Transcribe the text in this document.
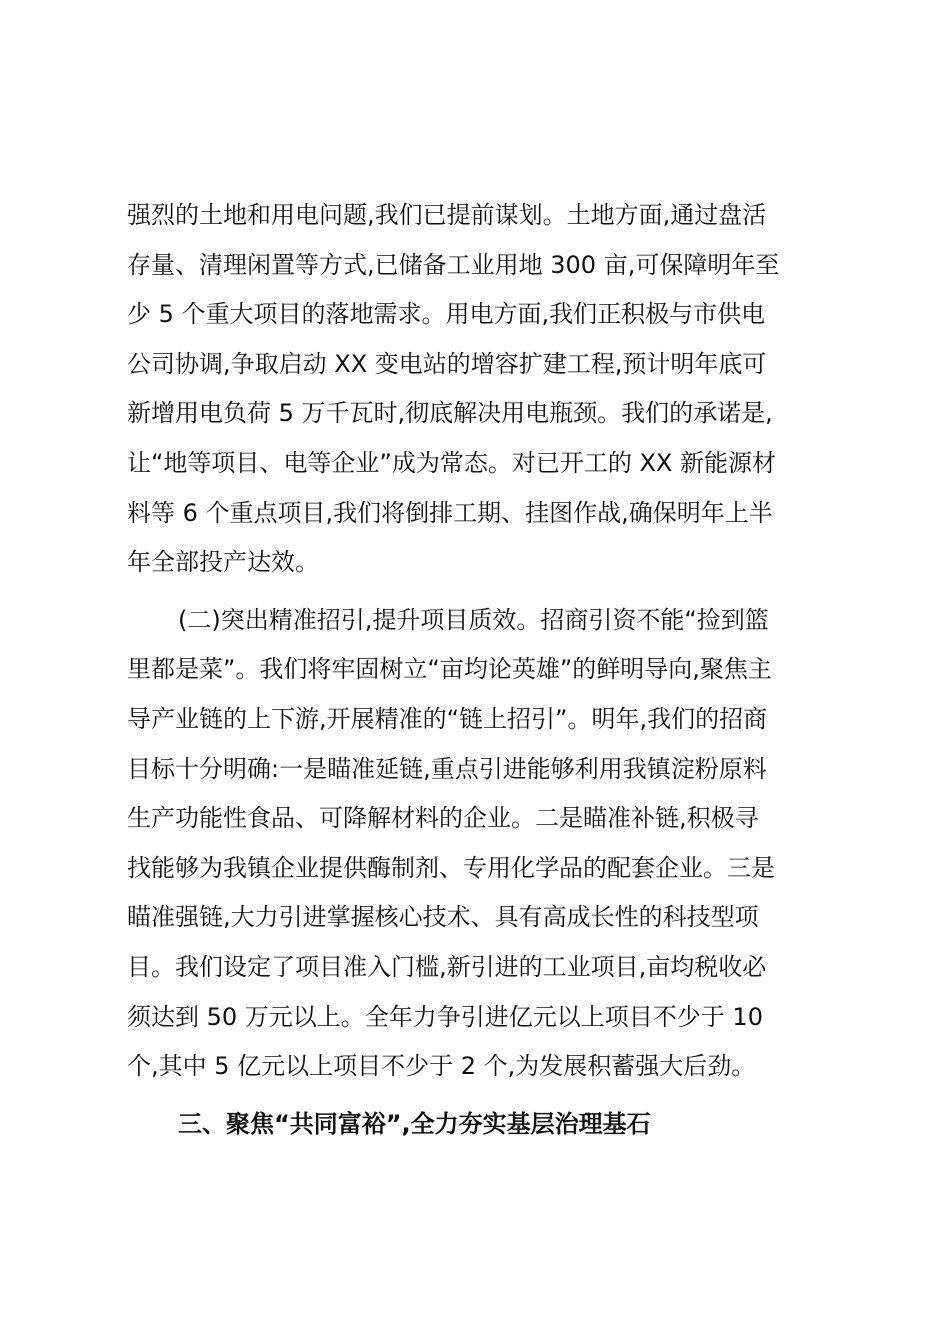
强烈的土地和用电问题,我们已提前谋划。土地方面,通过盘活
存量、清理闲置等方式,已储备工业用地 300 亩,可保障明年至
少 5 个重大项目的落地需求。用电方面,我们正积极与市供电
公司协调,争取启动 XX 变电站的增容扩建工程,预计明年底可
新增用电负荷 5 万千瓦时,彻底解决用电瓶颈。我们的承诺是,
让“地等项目、电等企业”成为常态。对已开工的 XX 新能源材
料等 6 个重点项目,我们将倒排工期、挂图作战,确保明年上半
年全部投产达效。
(二)突出精准招引,提升项目质效。招商引资不能“捡到篮
里都是菜”。我们将牢固树立“亩均论英雄”的鲜明导向,聚焦主
导产业链的上下游,开展精准的“链上招引”。明年,我们的招商
目标十分明确:一是瞄准延链,重点引进能够利用我镇淀粉原料
生产功能性食品、可降解材料的企业。二是瞄准补链,积极寻
找能够为我镇企业提供酶制剂、专用化学品的配套企业。三是
瞄准强链,大力引进掌握核心技术、具有高成长性的科技型项
目。我们设定了项目准入门槛,新引进的工业项目,亩均税收必
须达到 50 万元以上。全年力争引进亿元以上项目不少于 10
个,其中 5 亿元以上项目不少于 2 个,为发展积蓄强大后劲。
三、聚焦“共同富裕”,全力夯实基层治理基石
